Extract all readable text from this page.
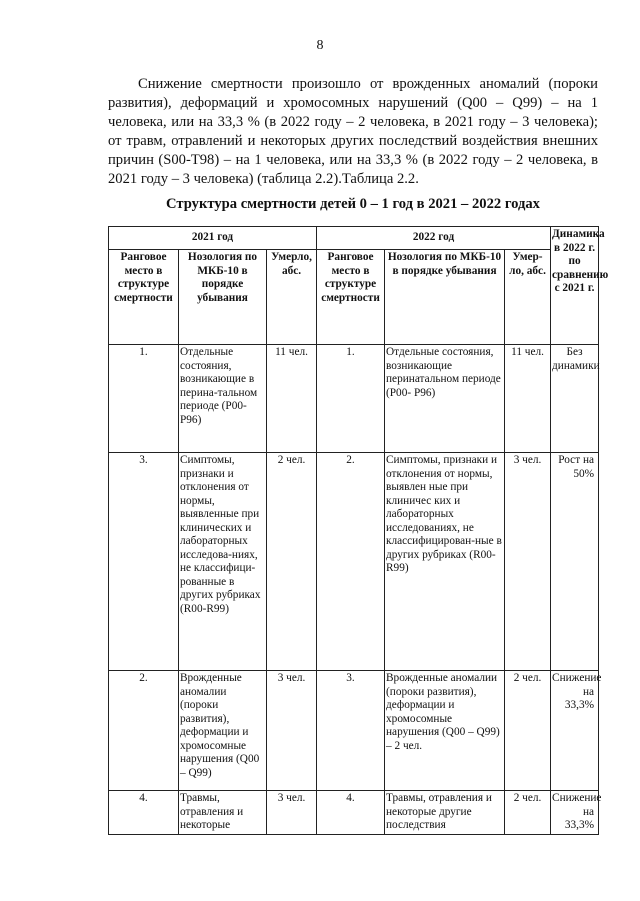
8
Снижение смертности произошло от врожденных аномалий (пороки развития), деформаций и хромосомных нарушений (Q00 – Q99) – на 1 человека, или на 33,3 % (в 2022 году – 2 человека, в 2021 году – 3 человека); от травм, отравлений и некоторых других последствий воздействия внешних причин (S00-T98) – на 1 человека, или на 33,3 % (в 2022 году – 2 человека, в 2021 году – 3 человека) (таблица 2.2).Таблица 2.2.
Структура смертности детей 0 – 1 год в 2021 – 2022 годах
2021 год			2022 год			Динамика в 2022 г. по сравнению с 2021 г.
Ранговое место в структуре смертности	Нозология по МКБ-10 в порядке убывания	Умерло, абс.	Ранговое место в структуре смертности	Нозология по МКБ-10 в порядке убывания	Умер-ло, абс.	
1.	Отдельные состояния, возникающие в перина-тальном периоде (P00- P96)	11 чел.	1.	Отдельные состояния, возникающие перинатальном периоде (P00- P96)	11 чел.	Без динамики
3.	Симптомы, признаки и отклонения от нормы, выявленные при клинических и лабораторных исследова-ниях, не классифици-рованные в других рубриках (R00-R99)	2 чел.	2.	Симптомы, признаки и отклонения от нормы, выявлен ные при клиничес ких и лабораторных исследованиях, не классифицирован-ные в других рубриках (R00-R99)	3 чел.	Рост на 50%
2.	Врожденные аномалии (пороки развития), деформации и хромосомные нарушения (Q00 – Q99)	3 чел.	3.	Врожденные аномалии (пороки развития), деформации и хромосомные нарушения (Q00 – Q99) – 2 чел.	2 чел.	Снижение на 33,3%
4.	Травмы, отравления и некоторые	3 чел.	4.	Травмы, отравления и некоторые другие последствия	2 чел.	Снижение на 33,3%
